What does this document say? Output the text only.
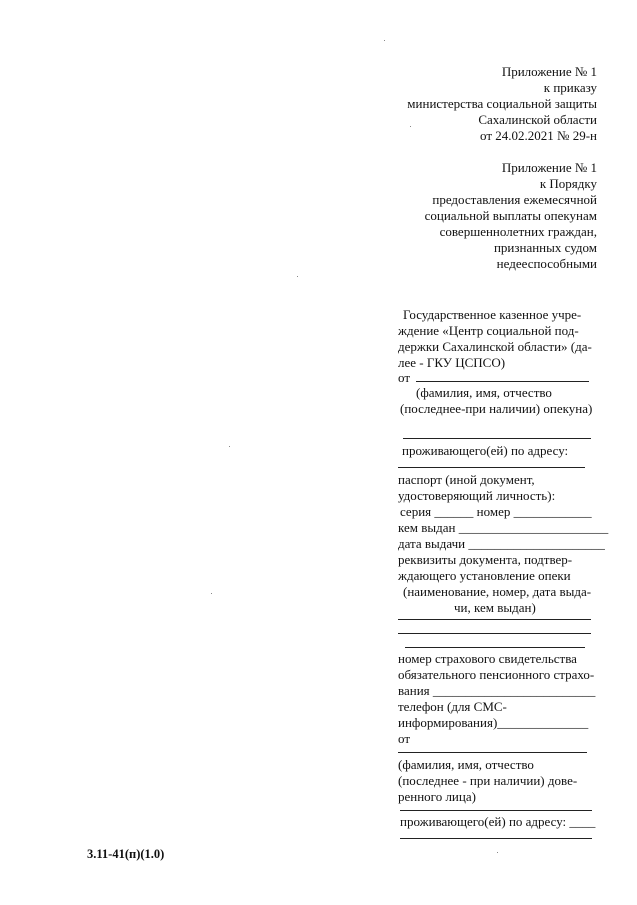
Приложение № 1
к приказу
министерства социальной защиты
Сахалинской области
от 24.02.2021 № 29-н
Приложение № 1
к Порядку
предоставления ежемесячной
социальной выплаты опекунам
совершеннолетних граждан,
признанных судом
недееспособными
Государственное казенное учре-
ждение «Центр социальной под-
держки Сахалинской области» (да-
лее - ГКУ ЦСПСО)
от
(фамилия, имя, отчество
(последнее-при наличии) опекуна)
проживающего(ей) по адресу:
паспорт (иной документ,
удостоверяющий личность):
серия ______ номер ____________
кем выдан _______________________
дата выдачи _____________________
реквизиты документа, подтвер-
ждающего установление опеки
(наименование, номер, дата выда-
чи, кем выдан)
номер страхового свидетельства
обязательного пенсионного страхо-
вания _________________________
телефон (для СМС-
информирования)______________
от
(фамилия, имя, отчество
(последнее - при наличии) дове-
ренного лица)
проживающего(ей) по адресу: ____
3.11-41(п)(1.0)
